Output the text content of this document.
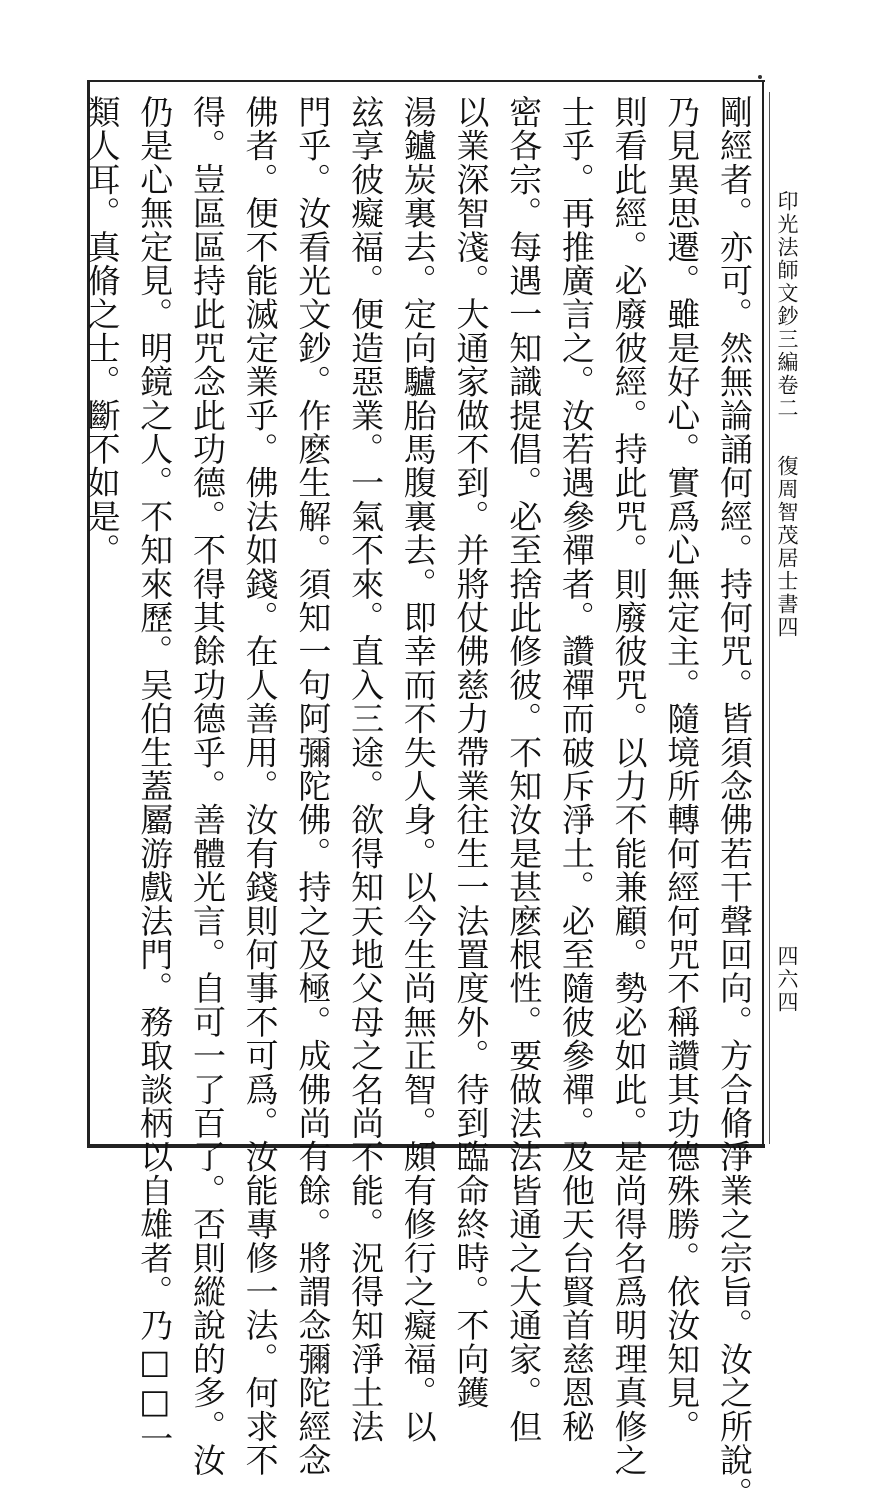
印光法師文鈔三編卷二
復周智茂居士書四
四六四
剛經者。亦可。然無論誦何經。持何咒。皆須念佛若干聲回向。方合脩淨業之宗旨。汝之所說。
乃見異思遷。雖是好心。實爲心無定主。隨境所轉何經何咒不稱讚其功德殊勝。依汝知見。
則看此經。必廢彼經。持此咒。則廢彼咒。以力不能兼顧。勢必如此。是尚得名爲明理真修之
士乎。再推廣言之。汝若遇參禪者。讚禪而破斥淨土。必至隨彼參禪。及他天台賢首慈恩秘
密各宗。每遇一知識提倡。必至捨此修彼。不知汝是甚麽根性。要做法法皆通之大通家。但
以業深智淺。大通家做不到。并將仗佛慈力帶業往生一法置度外。待到臨命終時。不向鑊
湯鑪炭裏去。定向驢胎馬腹裏去。即幸而不失人身。以今生尚無正智。頗有修行之癡福。以
玆享彼癡福。便造惡業。一氣不來。直入三途。欲得知天地父母之名尚不能。況得知淨土法
門乎。汝看光文鈔。作麽生解。須知一句阿彌陀佛。持之及極。成佛尚有餘。將謂念彌陀經念
佛者。便不能滅定業乎。佛法如錢。在人善用。汝有錢則何事不可爲。汝能專修一法。何求不
得。豈區區持此咒念此功德。不得其餘功德乎。善體光言。自可一了百了。否則縱說的多。汝
仍是心無定見。明鏡之人。不知來歷。吴伯生蓋屬游戲法門。務取談柄以自雄者。乃□□一
類人耳。真脩之士。斷不如是。
